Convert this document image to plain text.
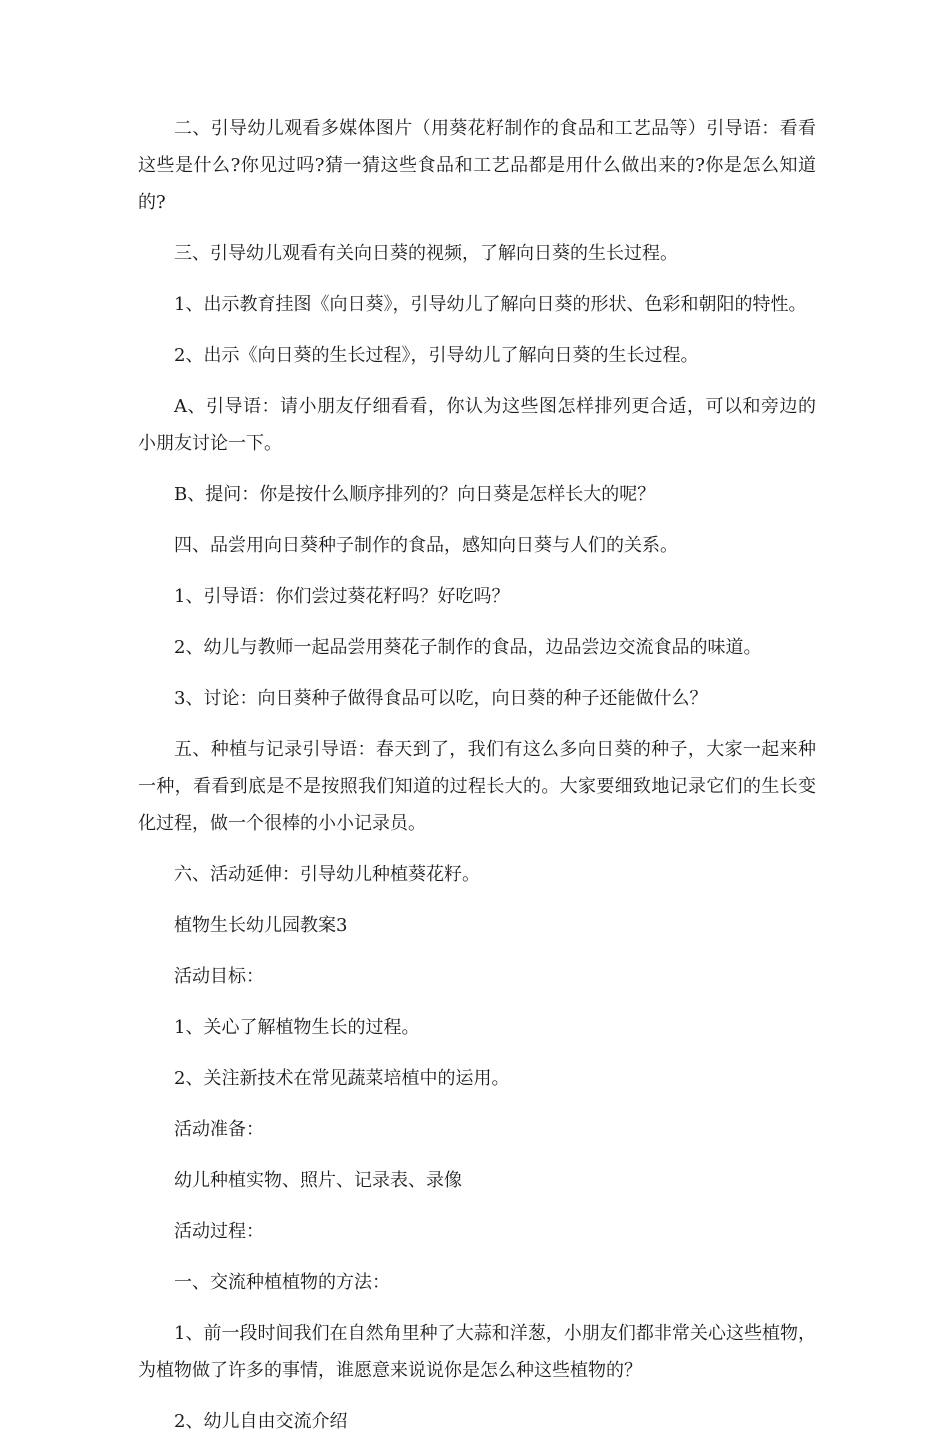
二、引导幼儿观看多媒体图片（用葵花籽制作的食品和工艺品等）引导语：看看这些是什么?你见过吗?猜一猜这些食品和工艺品都是用什么做出来的?你是怎么知道的?

三、引导幼儿观看有关向日葵的视频，了解向日葵的生长过程。

1、出示教育挂图《向日葵》，引导幼儿了解向日葵的形状、色彩和朝阳的特性。

2、出示《向日葵的生长过程》，引导幼儿了解向日葵的生长过程。

A、引导语：请小朋友仔细看看，你认为这些图怎样排列更合适，可以和旁边的小朋友讨论一下。

B、提问：你是按什么顺序排列的？向日葵是怎样长大的呢？

四、品尝用向日葵种子制作的食品，感知向日葵与人们的关系。

1、引导语：你们尝过葵花籽吗？好吃吗？

2、幼儿与教师一起品尝用葵花子制作的食品，边品尝边交流食品的味道。

3、讨论：向日葵种子做得食品可以吃，向日葵的种子还能做什么？

五、种植与记录引导语：春天到了，我们有这么多向日葵的种子，大家一起来种一种，看看到底是不是按照我们知道的过程长大的。大家要细致地记录它们的生长变化过程，做一个很棒的小小记录员。

六、活动延伸：引导幼儿种植葵花籽。

植物生长幼儿园教案3

活动目标：

1、关心了解植物生长的过程。

2、关注新技术在常见蔬菜培植中的运用。

活动准备：

幼儿种植实物、照片、记录表、录像

活动过程：

一、交流种植植物的方法：

1、前一段时间我们在自然角里种了大蒜和洋葱，小朋友们都非常关心这些植物，为植物做了许多的事情，谁愿意来说说你是怎么种这些植物的？

2、幼儿自由交流介绍
